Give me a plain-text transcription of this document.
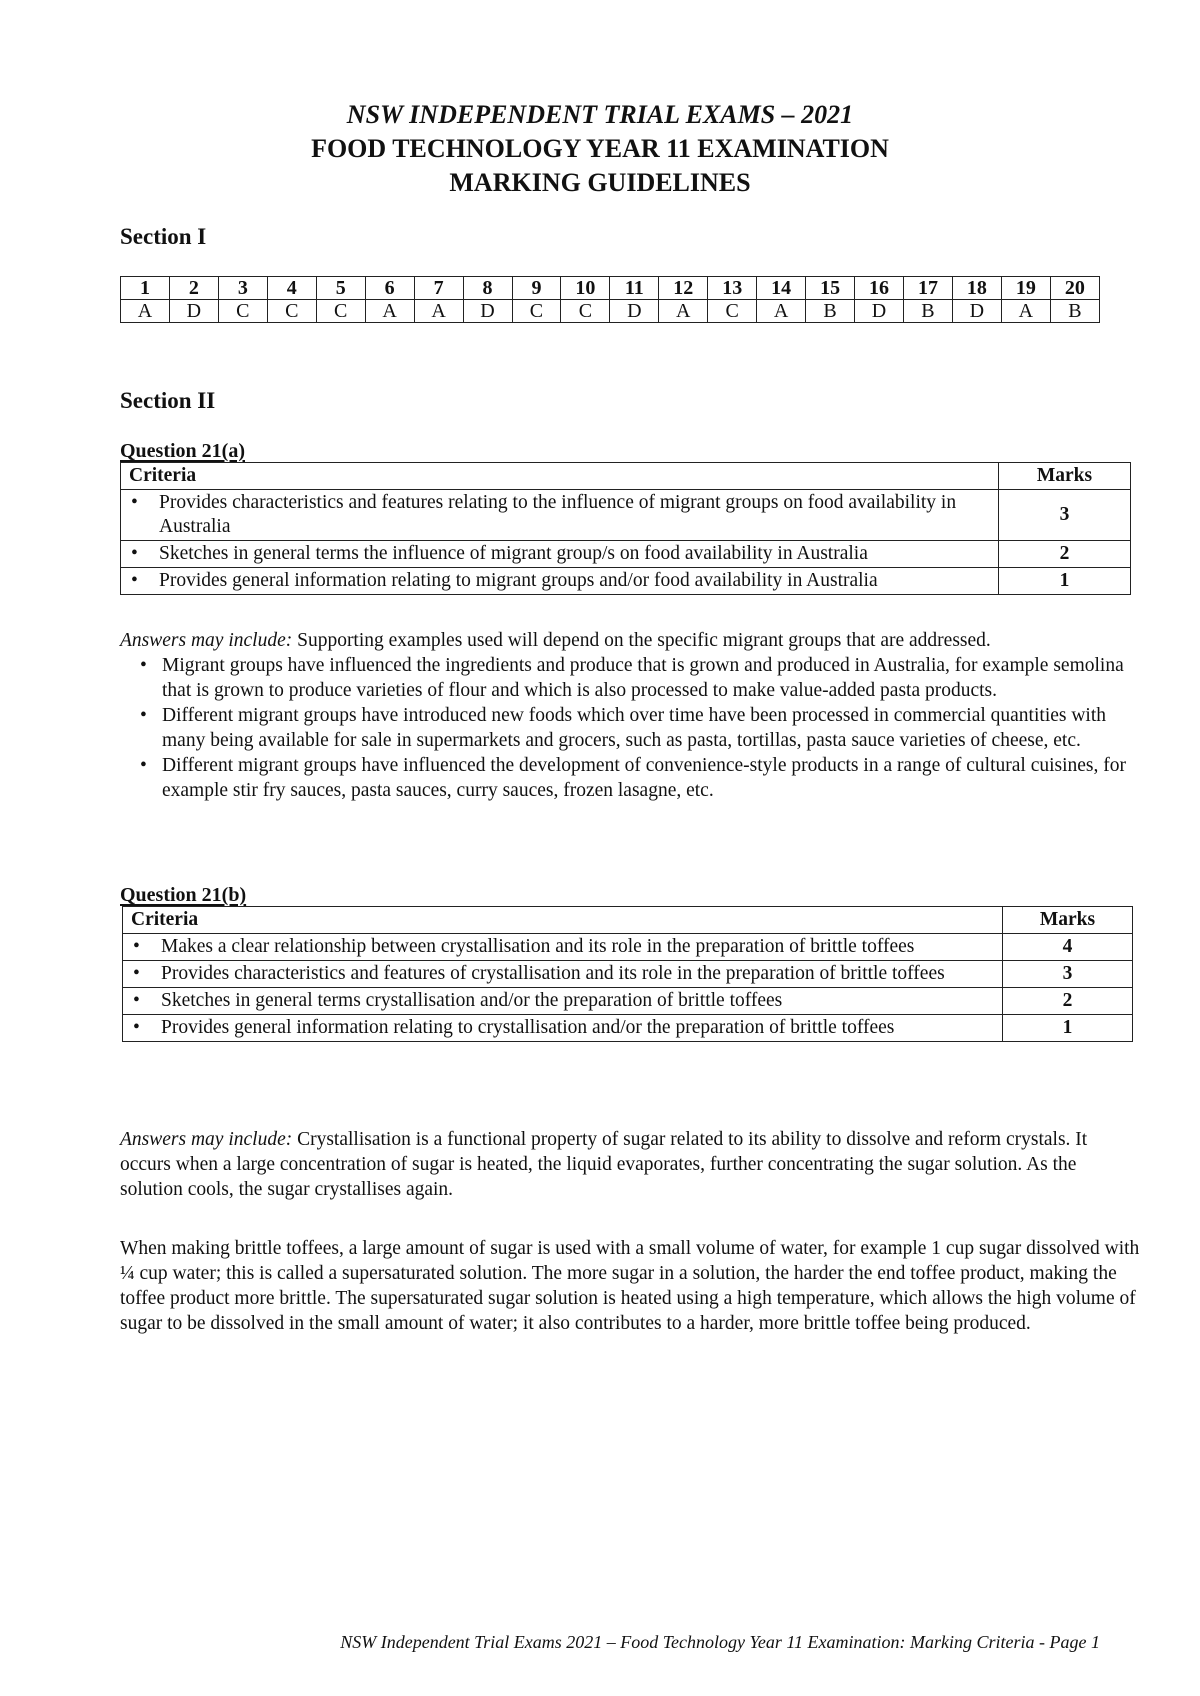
NSW INDEPENDENT TRIAL EXAMS – 2021
FOOD TECHNOLOGY YEAR 11 EXAMINATION
MARKING GUIDELINES
Section I
1	2	3	4	5	6	7	8	9	10	11	12	13	14	15	16	17	18	19	20
A	D	C	C	C	A	A	D	C	C	D	A	C	A	B	D	B	D	A	B
Section II
Question 21(a)
Criteria	Marks

• Provides characteristics and features relating to the influence of migrant groups on food availability in Australia	3

• Sketches in general terms the influence of migrant group/s on food availability in Australia	2

• Provides general information relating to migrant groups and/or food availability in Australia	1
Answers may include: Supporting examples used will depend on the specific migrant groups that are addressed.
• Migrant groups have influenced the ingredients and produce that is grown and produced in Australia, for example semolina that is grown to produce varieties of flour and which is also processed to make value-added pasta products.
• Different migrant groups have introduced new foods which over time have been processed in commercial quantities with many being available for sale in supermarkets and grocers, such as pasta, tortillas, pasta sauce varieties of cheese, etc.
• Different migrant groups have influenced the development of convenience-style products in a range of cultural cuisines, for example stir fry sauces, pasta sauces, curry sauces, frozen lasagne, etc.
Question 21(b)
Criteria	Marks

• Makes a clear relationship between crystallisation and its role in the preparation of brittle toffees	4

• Provides characteristics and features of crystallisation and its role in the preparation of brittle toffees	3

• Sketches in general terms crystallisation and/or the preparation of brittle toffees	2

• Provides general information relating to crystallisation and/or the preparation of brittle toffees	1
Answers may include: Crystallisation is a functional property of sugar related to its ability to dissolve and reform crystals. It occurs when a large concentration of sugar is heated, the liquid evaporates, further concentrating the sugar solution. As the solution cools, the sugar crystallises again.
When making brittle toffees, a large amount of sugar is used with a small volume of water, for example 1 cup sugar dissolved with ¼ cup water; this is called a supersaturated solution. The more sugar in a solution, the harder the end toffee product, making the toffee product more brittle. The supersaturated sugar solution is heated using a high temperature, which allows the high volume of sugar to be dissolved in the small amount of water; it also contributes to a harder, more brittle toffee being produced.
NSW Independent Trial Exams 2021 – Food Technology Year 11 Examination: Marking Criteria - Page 1
